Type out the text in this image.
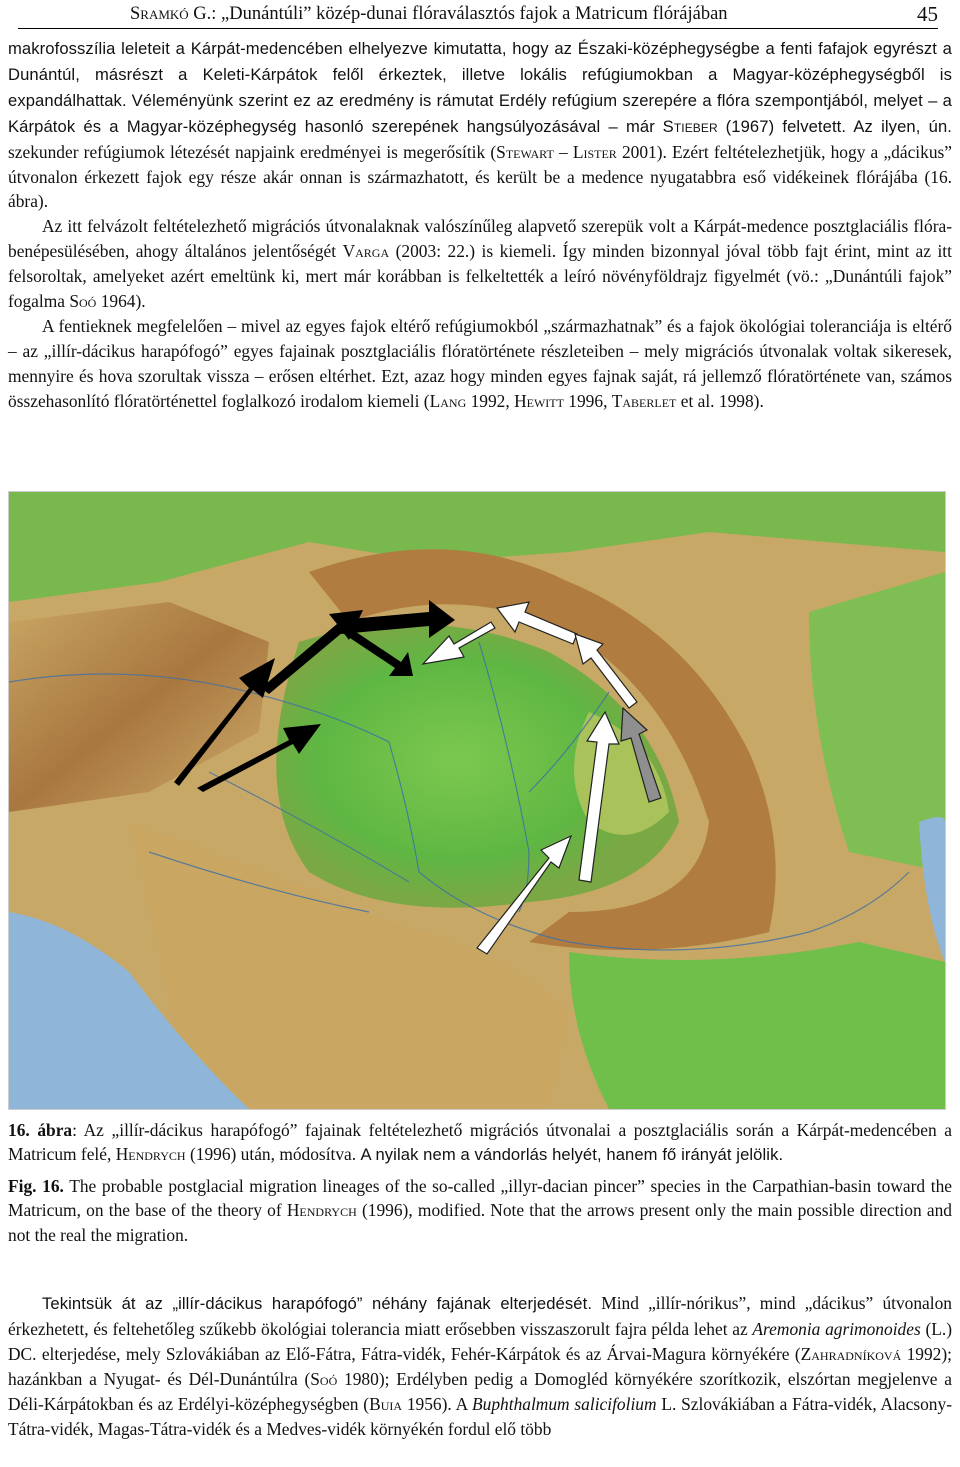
Sramkó G.: „Dunántúli” közép-dunai flóraválasztós fajok a Matricum flórájában	45

makrofosszília leleteit a Kárpát-medencében elhelyezve kimutatta, hogy az Északi-középhegységbe a fenti fafajok egyrészt a Dunántúl, másrészt a Keleti-Kárpátok felől érkeztek, illetve lokális refúgiumokban a Magyar-középhegységből is expandálhattak. Véleményünk szerint ez az eredmény is rámutat Erdély refúgium szerepére a flóra szempontjából, melyet – a Kárpátok és a Magyar-középhegység hasonló szerepének hangsúlyozásával – már Stieber (1967) felvetett. Az ilyen, ún. szekunder refúgiumok létezését napjaink eredményei is megerősítik (Stewart – Lister 2001). Ezért feltételezhetjük, hogy a „dácikus” útvonalon érkezett fajok egy része akár onnan is származhatott, és került be a medence nyugatabbra eső vidékeinek flórájába (16. ábra).

Az itt felvázolt feltételezhető migrációs útvonalaknak valószínűleg alapvető szerepük volt a Kárpát-medence posztglaciális flóra-benépesülésében, ahogy általános jelentőségét Varga (2003: 22.) is kiemeli. Így minden bizonnyal jóval több fajt érint, mint az itt felsoroltak, amelyeket azért emeltünk ki, mert már korábban is felkeltették a leíró növényföldrajz figyelmét (vö.: „Dunántúli fajok” fogalma Soó 1964).

A fentieknek megfelelően – mivel az egyes fajok eltérő refúgiumokból „származhatnak” és a fajok ökológiai toleranciája is eltérő – az „illír-dácikus harapófogó” egyes fajainak posztglaciális flóratörténete részleteiben – mely migrációs útvonalak voltak sikeresek, mennyire és hova szorultak vissza – erősen eltérhet. Ezt, azaz hogy minden egyes fajnak saját, rá jellemző flóratörténete van, számos összehasonlító flóratörténettel foglalkozó irodalom kiemeli (Lang 1992, Hewitt 1996, Taberlet et al. 1998).

16. ábra: Az „illír-dácikus harapófogó” fajainak feltételezhető migrációs útvonalai a posztglaciális során a Kárpát-medencében a Matricum felé, Hendrych (1996) után, módosítva. A nyilak nem a vándorlás helyét, hanem fő irányát jelölik.

Fig. 16. The probable postglacial migration lineages of the so-called „illyr-dacian pincer” species in the Carpathian-basin toward the Matricum, on the base of the theory of Hendrych (1996), modified. Note that the arrows present only the main possible direction and not the real the migration.

Tekintsük át az „illír-dácikus harapófogó” néhány fajának elterjedését. Mind „illír-nórikus”, mind „dácikus” útvonalon érkezhetett, és feltehetőleg szűkebb ökológiai tolerancia miatt erősebben visszaszorult fajra példa lehet az Aremonia agrimonoides (L.) DC. elterjedése, mely Szlovákiában az Elő-Fátra, Fátra-vidék, Fehér-Kárpátok és az Árvai-Magura környékére (Zahradníková 1992); hazánkban a Nyugat- és Dél-Dunántúlra (Soó 1980); Erdélyben pedig a Domogléd környékére szorítkozik, elszórtan megjelenve a Déli-Kárpátokban és az Erdélyi-középhegységben (Buia 1956). A Buphthalmum salicifolium L. Szlovákiában a Fátra-vidék, Alacsony-Tátra-vidék, Magas-Tátra-vidék és a Medves-vidék környékén fordul elő több
